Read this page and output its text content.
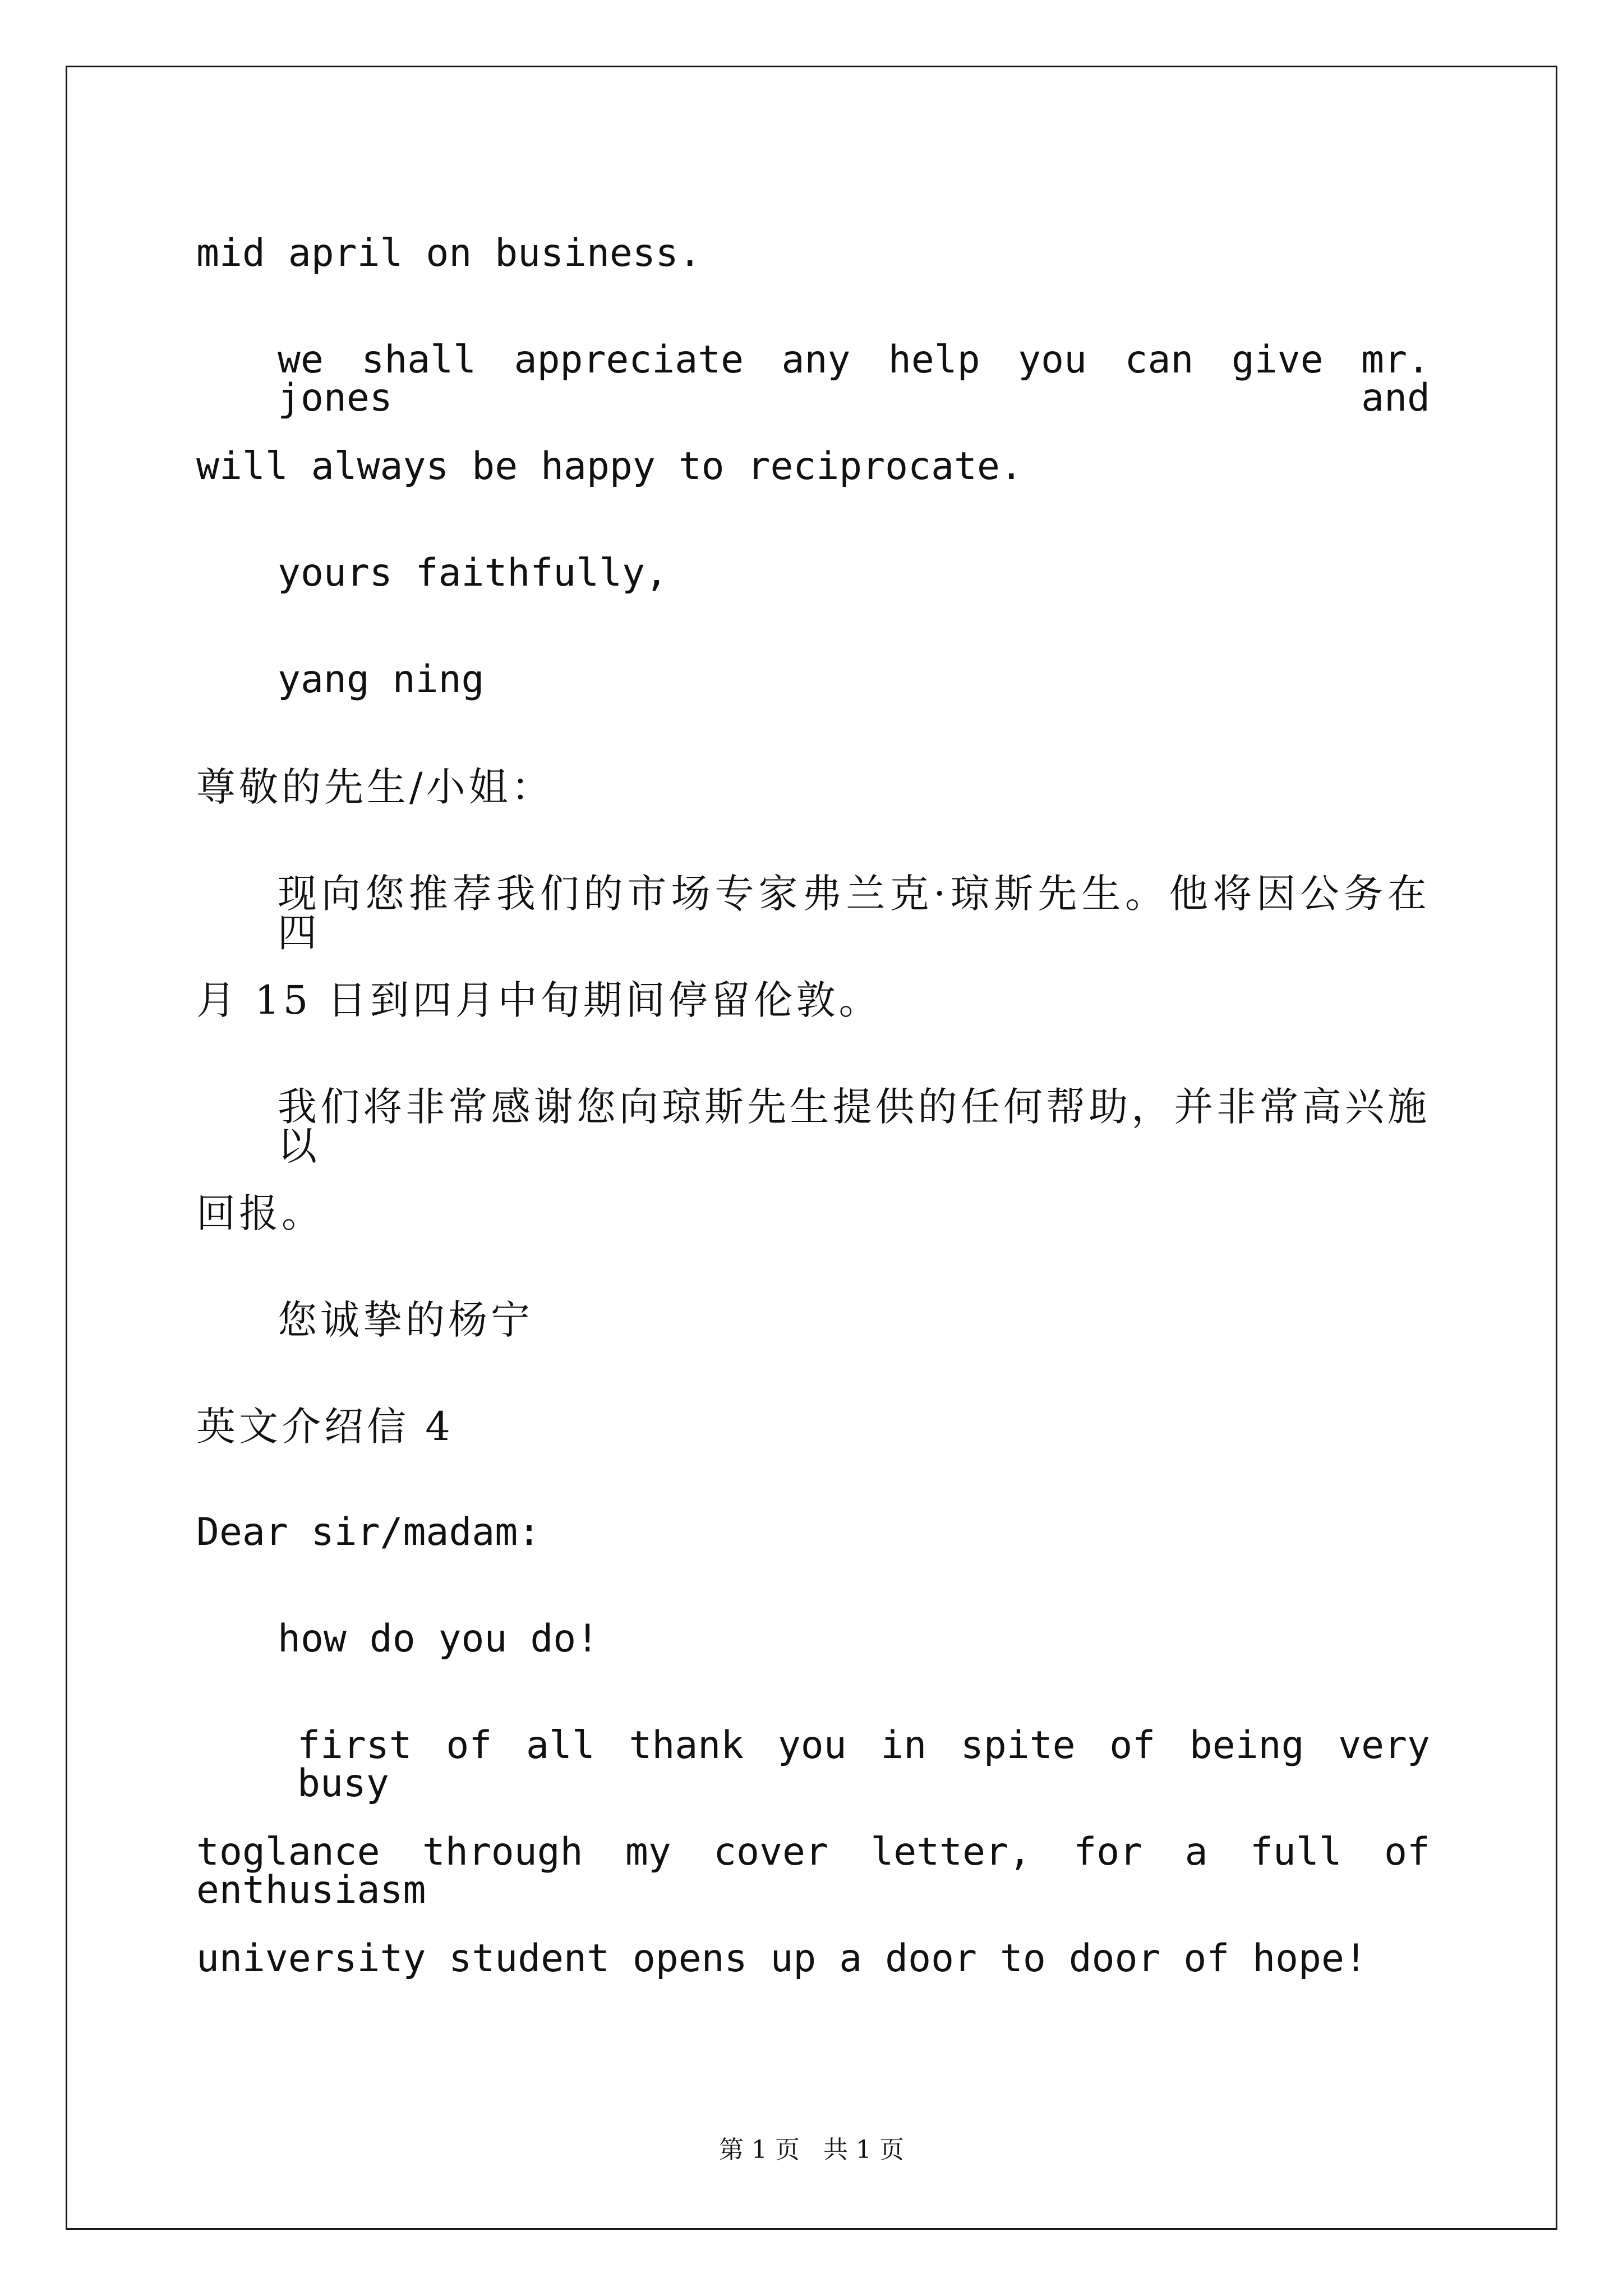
mid april on business.
we shall appreciate any help you can give mr. jones and
will always be happy to reciprocate.
yours faithfully,
yang ning
尊敬的先生/小姐：
现向您推荐我们的市场专家弗兰克·琼斯先生。他将因公务在四
月 15 日到四月中旬期间停留伦敦。
我们将非常感谢您向琼斯先生提供的任何帮助，并非常高兴施以
回报。
您诚挚的杨宁
英文介绍信 4
Dear sir/madam:
how do you do!
first of all thank you in spite of being very busy
toglance through my cover letter, for a full of enthusiasm
university student opens up a door to door of hope!
第 1 页   共 1 页
